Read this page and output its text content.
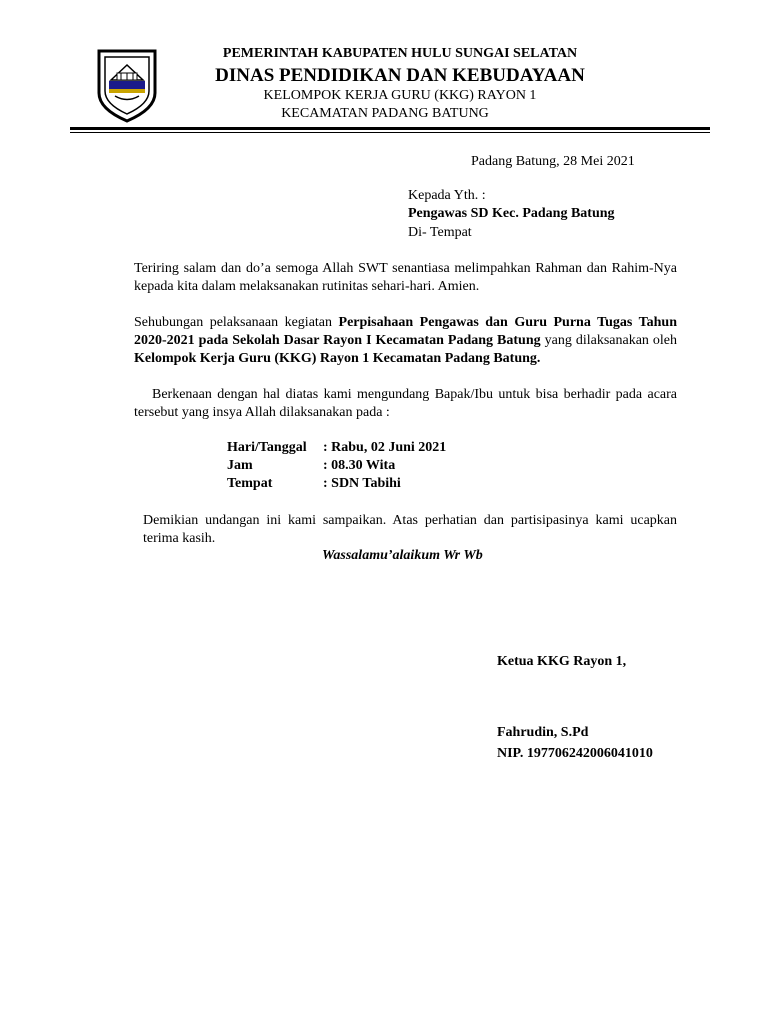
PEMERINTAH KABUPATEN HULU SUNGAI SELATAN
DINAS PENDIDIKAN DAN KEBUDAYAAN
KELOMPOK KERJA GURU (KKG) RAYON 1
KECAMATAN PADANG BATUNG
Padang Batung, 28 Mei 2021
Kepada Yth. :
Pengawas SD Kec. Padang Batung
Di- Tempat
Teriring salam dan do’a semoga Allah SWT senantiasa melimpahkan Rahman dan Rahim-Nya kepada kita dalam melaksanakan rutinitas sehari-hari. Amien.
Sehubungan pelaksanaan kegiatan Perpisahaan Pengawas dan Guru Purna Tugas Tahun 2020-2021 pada Sekolah Dasar Rayon I Kecamatan Padang Batung yang dilaksanakan oleh Kelompok Kerja Guru (KKG) Rayon 1 Kecamatan Padang Batung.
Berkenaan dengan hal diatas kami mengundang Bapak/Ibu untuk bisa berhadir pada acara tersebut yang insya Allah dilaksanakan pada :
Hari/Tanggal : Rabu, 02 Juni 2021
Jam	: 08.30 Wita
Tempat	: SDN Tabihi
Demikian undangan ini kami sampaikan. Atas perhatian dan partisipasinya kami ucapkan terima kasih.
Wassalamu’alaikum Wr Wb
Ketua KKG Rayon 1,
Fahrudin, S.Pd
NIP. 197706242006041010
